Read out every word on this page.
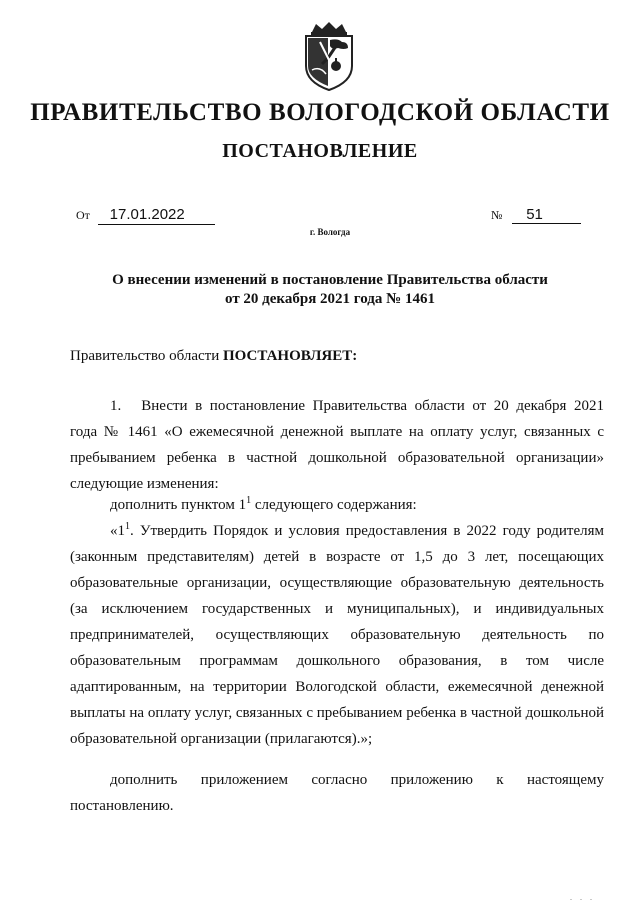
ПРАВИТЕЛЬСТВО ВОЛОГОДСКОЙ ОБЛАСТИ
ПОСТАНОВЛЕНИЕ
От 17.01.2022	№ 51
г. Вологда
О внесении изменений в постановление Правительства области
от 20 декабря 2021 года № 1461
Правительство области ПОСТАНОВЛЯЕТ:
1. Внести в постановление Правительства области от 20 декабря 2021 года № 1461 «О ежемесячной денежной выплате на оплату услуг, связанных с пребыванием ребенка в частной дошкольной образовательной организации» следующие изменения:
дополнить пунктом $1^1$ следующего содержания:
«$1^1$. Утвердить Порядок и условия предоставления в 2022 году родителям (законным представителям) детей в возрасте от 1,5 до 3 лет, посещающих образовательные организации, осуществляющие образовательную деятельность (за исключением государственных и муниципальных), и индивидуальных предпринимателей, осуществляющих образовательную деятельность по образовательным программам дошкольного образования, в том числе адаптированным, на территории Вологодской области, ежемесячной денежной выплаты на оплату услуг, связанных с пребыванием ребенка в частной дошкольной образовательной организации (прилагаются).»;
дополнить приложением согласно приложению к настоящему постановлению.
. . .
